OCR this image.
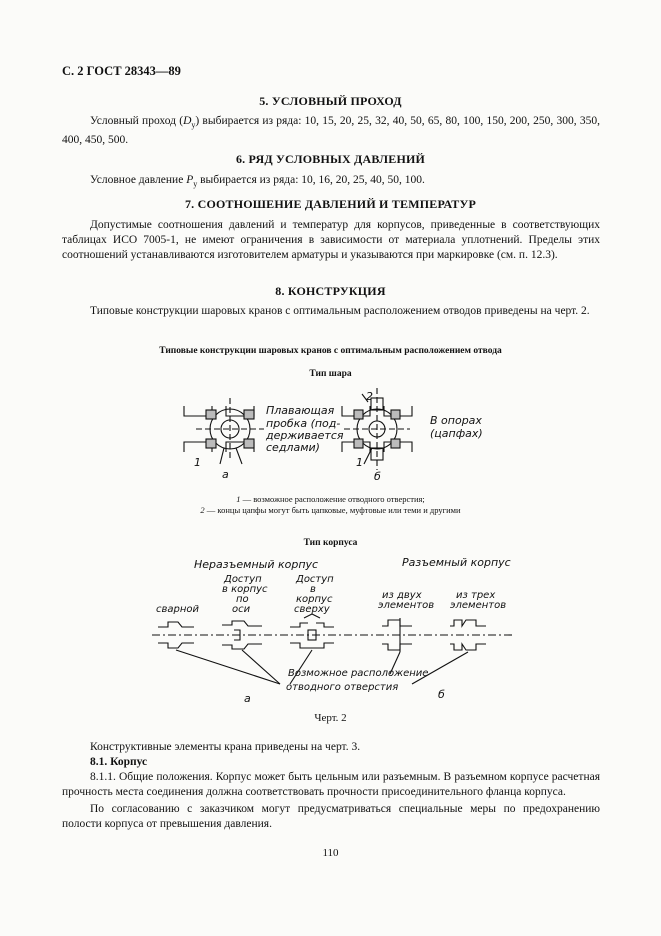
С. 2 ГОСТ 28343—89
5. УСЛОВНЫЙ ПРОХОД
Условный проход $(D_y)$ выбирается из ряда: 10, 15, 20, 25, 32, 40, 50, 65, 80, 100, 150, 200, 250, 300, 350, 400, 450, 500.
6. РЯД УСЛОВНЫХ ДАВЛЕНИЙ
Условное давление $P_y$ выбирается из ряда: 10, 16, 20, 25, 40, 50, 100.
7. СООТНОШЕНИЕ ДАВЛЕНИЙ И ТЕМПЕРАТУР
Допустимые соотношения давлений и температур для корпусов, приведенные в соответствующих таблицах ИСО 7005-1, не имеют ограничения в зависимости от материала уплотнений. Пределы этих соотношений устанавливаются изготовителем арматуры и указываются при маркировке (см. п. 12.3).
8. КОНСТРУКЦИЯ
Типовые конструкции шаровых кранов с оптимальным расположением отводов приведены на черт. 2.
Типовые конструкции шаровых кранов с оптимальным расположением отвода
Тип шара
1
а
Плавающая
пробка (под-
держивается
седлами)
2
1
б
В опорах
(цапфах)
1 — возможное расположение отводного отверстия;
2 — концы цапфы могут быть цапковые, муфтовые или теми и другими
Тип корпуса
Неразъемный корпус	Разъемный корпус
сварной
Доступ
в корпус
по
оси
Доступ
в
корпус
сверху
из двух
элементов
из трех
элементов
Возможное расположение
отводного отверстия
а	б
Черт. 2
Конструктивные элементы крана приведены на черт. 3.
8.1. Корпус
8.1.1. Общие положения. Корпус может быть цельным или разъемным. В разъемном корпусе расчетная прочность места соединения должна соответствовать прочности присоединительного фланца корпуса.
По согласованию с заказчиком могут предусматриваться специальные меры по предохранению полости корпуса от превышения давления.
110
